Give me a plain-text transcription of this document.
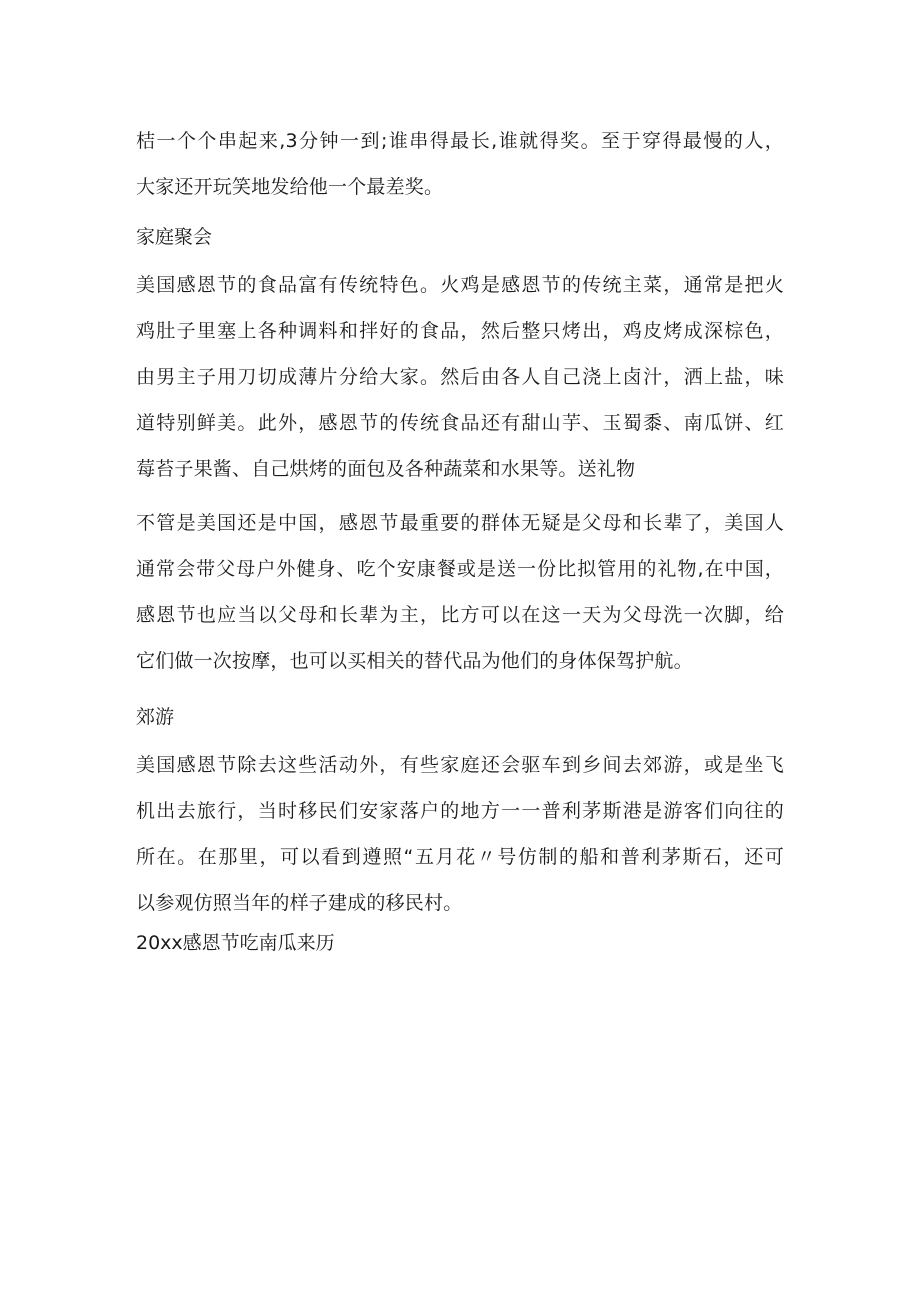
桔一个个串起来,3分钟一到;谁串得最长,谁就得奖。至于穿得最慢的人，
大家还开玩笑地发给他一个最差奖。
家庭聚会
美国感恩节的食品富有传统特色。火鸡是感恩节的传统主菜，通常是把火
鸡肚子里塞上各种调料和拌好的食品，然后整只烤出，鸡皮烤成深棕色，
由男主子用刀切成薄片分给大家。然后由各人自己浇上卤汁，洒上盐，味
道特别鲜美。此外，感恩节的传统食品还有甜山芋、玉蜀黍、南瓜饼、红
莓苔子果酱、自己烘烤的面包及各种蔬菜和水果等。送礼物
不管是美国还是中国，感恩节最重要的群体无疑是父母和长辈了，美国人
通常会带父母户外健身、吃个安康餐或是送一份比拟管用的礼物,在中国，
感恩节也应当以父母和长辈为主，比方可以在这一天为父母洗一次脚，给
它们做一次按摩，也可以买相关的替代品为他们的身体保驾护航。
郊游
美国感恩节除去这些活动外，有些家庭还会驱车到乡间去郊游，或是坐飞
机出去旅行，当时移民们安家落户的地方一一普利茅斯港是游客们向往的
所在。在那里，可以看到遵照“五月花〃号仿制的船和普利茅斯石，还可
以参观仿照当年的样子建成的移民村。
20xx感恩节吃南瓜来历
